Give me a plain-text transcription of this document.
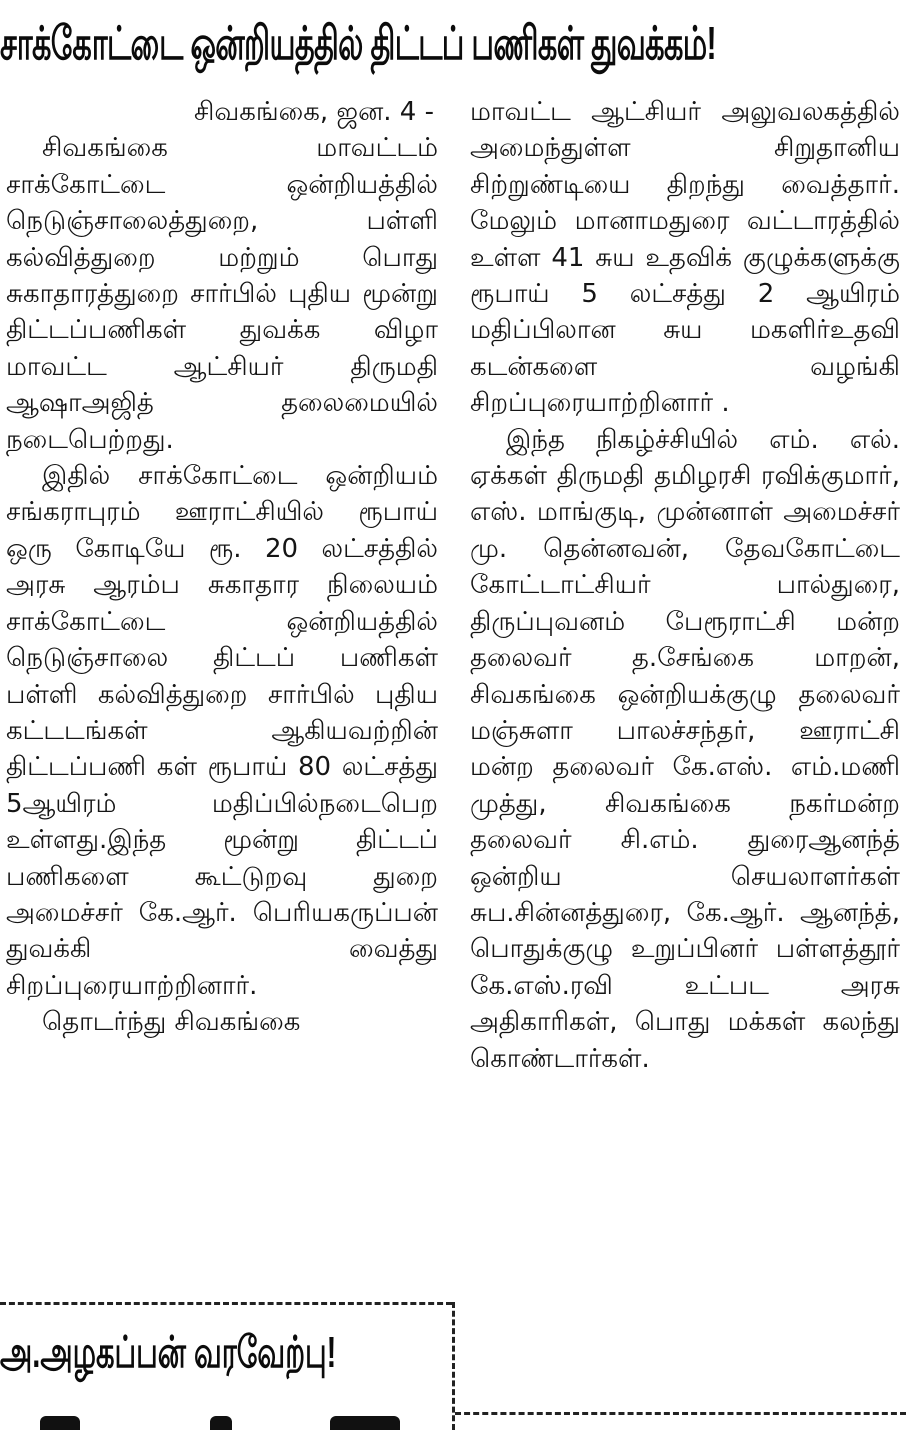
சாக்கோட்டை ஒன்றியத்தில் திட்டப் பணிகள் துவக்கம்!

சிவகங்கை, ஜன. 4 -

சிவகங்கை மாவட்டம் சாக்கோட்டை ஒன்றியத்தில் நெடுஞ்சாலைத்துறை, பள்ளி கல்வித்துறை மற்றும் பொது சுகாதாரத்துறை சார்பில் புதிய மூன்று திட்டப்பணிகள் துவக்க விழா மாவட்ட ஆட்சியர் திருமதி ஆஷாஅஜித் தலைமையில் நடைபெற்றது.

இதில் சாக்கோட்டை ஒன்றியம் சங்கராபுரம் ஊராட்சியில் ரூபாய் ஒரு கோடியே ரூ. 20 லட்சத்தில் அரசு ஆரம்ப சுகாதார நிலையம் சாக்கோட்டை ஒன்றியத்தில் நெடுஞ்சாலை திட்டப் பணிகள் பள்ளி கல்வித்துறை சார்பில் புதிய கட்டடங்கள் ஆகியவற்றின் திட்டப்பணி கள் ரூபாய் 80 லட்சத்து 5ஆயிரம் மதிப்பில்நடைபெற உள்ளது.இந்த மூன்று திட்டப் பணிகளை கூட்டுறவு துறை அமைச்சர் கே.ஆர். பெரியகருப்பன் துவக்கி வைத்து சிறப்புரையாற்றினார்.

தொடர்ந்து சிவகங்கை

மாவட்ட ஆட்சியர் அலுவலகத்தில் அமைந்துள்ள சிறுதானிய சிற்றுண்டியை திறந்து வைத்தார். மேலும் மானாமதுரை வட்டாரத்தில் உள்ள 41 சுய உதவிக் குழுக்களுக்கு ரூபாய் 5 லட்சத்து 2 ஆயிரம் மதிப்பிலான சுய மகளிர்உதவி கடன்களை வழங்கி சிறப்புரையாற்றினார் .

இந்த நிகழ்ச்சியில் எம். எல். ஏக்கள் திருமதி தமிழரசி ரவிக்குமார், எஸ். மாங்குடி, முன்னாள் அமைச்சர் மு. தென்னவன், தேவகோட்டை கோட்டாட்சியர் பால்துரை, திருப்புவனம் பேரூராட்சி மன்ற தலைவர் த.சேங்கை மாறன், சிவகங்கை ஒன்றியக்குழு தலைவர் மஞ்சுளா பாலச்சந்தர், ஊராட்சி மன்ற தலைவர் கே.எஸ். எம்.மணி முத்து, சிவகங்கை நகர்மன்ற தலைவர் சி.எம். துரைஆனந்த் ஒன்றிய செயலாளர்கள் சுப.சின்னத்துரை, கே.ஆர். ஆனந்த், பொதுக்குழு உறுப்பினர் பள்ளத்தூர் கே.எஸ்.ரவி உட்பட அரசு அதிகாரிகள், பொது மக்கள் கலந்து கொண்டார்கள்.

அ.அழகப்பன் வரவேற்பு!
